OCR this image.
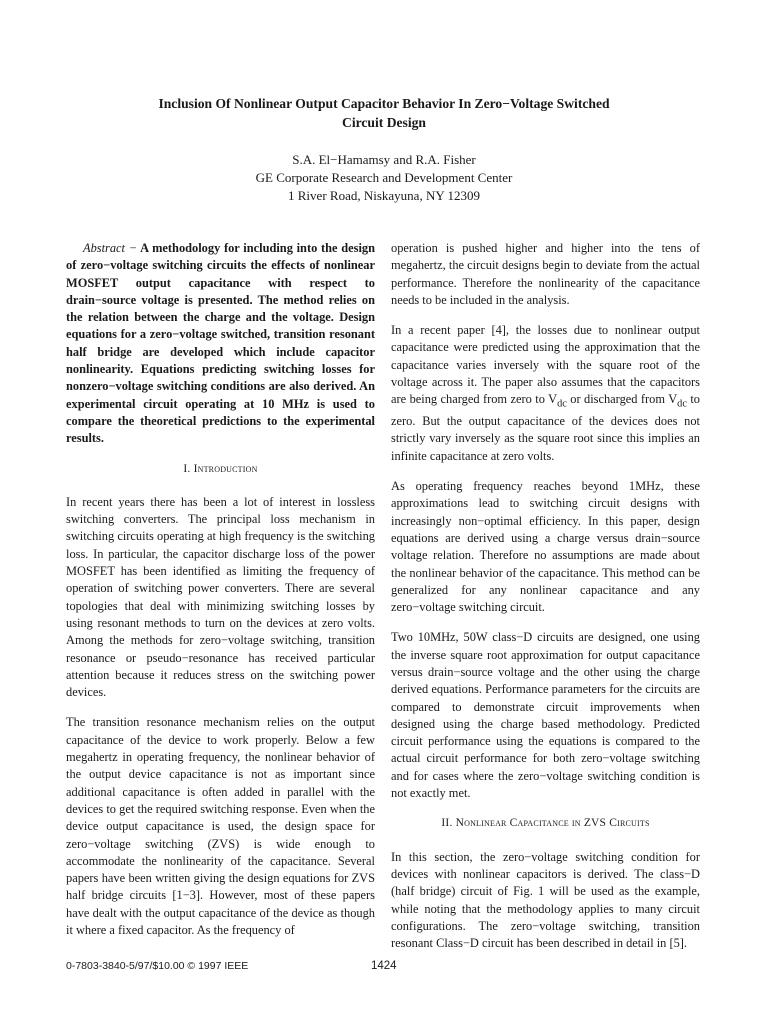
Inclusion Of Nonlinear Output Capacitor Behavior In Zero−Voltage Switched
Circuit Design
S.A. El−Hamamsy and R.A. Fisher
GE Corporate Research and Development Center
1 River Road, Niskayuna, NY 12309

Abstract − A methodology for including into the design of zero−voltage switching circuits the effects of nonlinear MOSFET output capacitance with respect to drain−source voltage is presented. The method relies on the relation between the charge and the voltage. Design equations for a zero−voltage switched, transition resonant half bridge are developed which include capacitor nonlinearity. Equations predicting switching losses for nonzero−voltage switching conditions are also derived. An experimental circuit operating at 10 MHz is used to compare the theoretical predictions to the experimental results.

I. Introduction

In recent years there has been a lot of interest in lossless switching converters. The principal loss mechanism in switching circuits operating at high frequency is the switching loss. In particular, the capacitor discharge loss of the power MOSFET has been identified as limiting the frequency of operation of switching power converters. There are several topologies that deal with minimizing switching losses by using resonant methods to turn on the devices at zero volts. Among the methods for zero−voltage switching, transition resonance or pseudo−resonance has received particular attention because it reduces stress on the switching power devices.

The transition resonance mechanism relies on the output capacitance of the device to work properly. Below a few megahertz in operating frequency, the nonlinear behavior of the output device capacitance is not as important since additional capacitance is often added in parallel with the devices to get the required switching response. Even when the device output capacitance is used, the design space for zero−voltage switching (ZVS) is wide enough to accommodate the nonlinearity of the capacitance. Several papers have been written giving the design equations for ZVS half bridge circuits [1−3]. However, most of these papers have dealt with the output capacitance of the device as though it where a fixed capacitor. As the frequency of

operation is pushed higher and higher into the tens of megahertz, the circuit designs begin to deviate from the actual performance. Therefore the nonlinearity of the capacitance needs to be included in the analysis.

In a recent paper [4], the losses due to nonlinear output capacitance were predicted using the approximation that the capacitance varies inversely with the square root of the voltage across it. The paper also assumes that the capacitors are being charged from zero to $V_{dc}$ or discharged from $V_{dc}$ to zero. But the output capacitance of the devices does not strictly vary inversely as the square root since this implies an infinite capacitance at zero volts.

As operating frequency reaches beyond 1MHz, these approximations lead to switching circuit designs with increasingly non−optimal efficiency. In this paper, design equations are derived using a charge versus drain−source voltage relation. Therefore no assumptions are made about the nonlinear behavior of the capacitance. This method can be generalized for any nonlinear capacitance and any zero−voltage switching circuit.

Two 10MHz, 50W class−D circuits are designed, one using the inverse square root approximation for output capacitance versus drain−source voltage and the other using the charge derived equations. Performance parameters for the circuits are compared to demonstrate circuit improvements when designed using the charge based methodology. Predicted circuit performance using the equations is compared to the actual circuit performance for both zero−voltage switching and for cases where the zero−voltage switching condition is not exactly met.

II. Nonlinear Capacitance in ZVS Circuits

In this section, the zero−voltage switching condition for devices with nonlinear capacitors is derived. The class−D (half bridge) circuit of Fig. 1 will be used as the example, while noting that the methodology applies to many circuit configurations. The zero−voltage switching, transition resonant Class−D circuit has been described in detail in [5].

0-7803-3840-5/97/$10.00 © 1997 IEEE	1424
